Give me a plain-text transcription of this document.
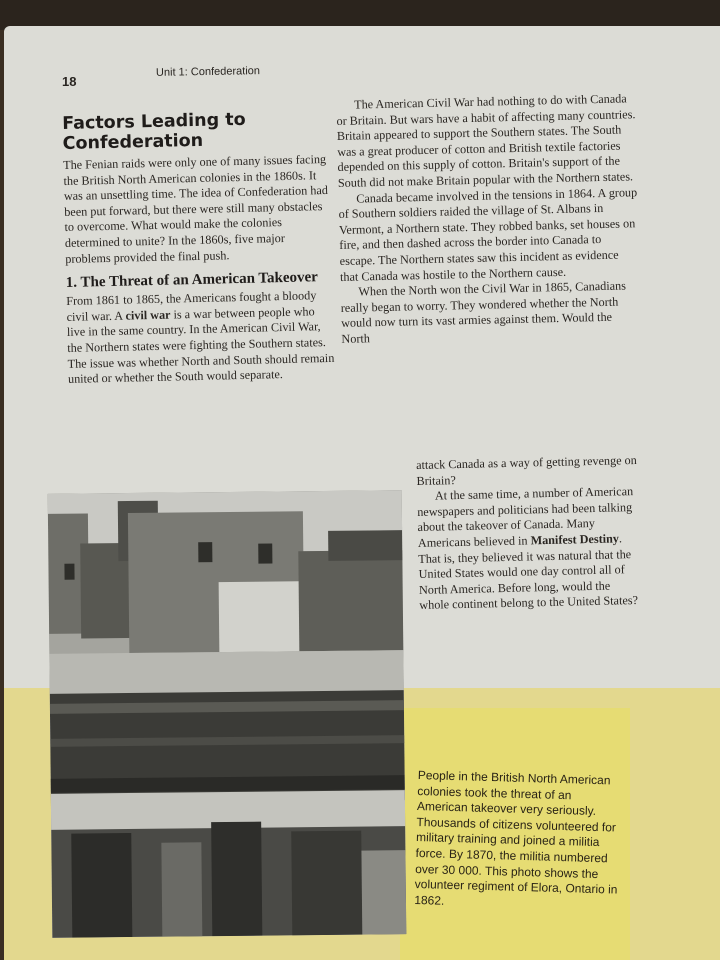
18
Unit 1: Confederation
Factors Leading to
Confederation

The Fenian raids were only one of many issues facing the British North American colonies in the 1860s. It was an unsettling time. The idea of Confederation had been put forward, but there were still many obstacles to overcome. What would make the colonies determined to unite? In the 1860s, five major problems provided the final push.

1. The Threat of an American Takeover

From 1861 to 1865, the Americans fought a bloody civil war. A civil war is a war between people who live in the same country. In the American Civil War, the Northern states were fighting the Southern states. The issue was whether North and South should remain united or whether the South would separate.

The American Civil War had nothing to do with Canada or Britain. But wars have a habit of affecting many countries. Britain appeared to support the Southern states. The South was a great producer of cotton and British textile factories depended on this supply of cotton. Britain's support of the South did not make Britain popular with the Northern states.

Canada became involved in the tensions in 1864. A group of Southern soldiers raided the village of St. Albans in Vermont, a Northern state. They robbed banks, set houses on fire, and then dashed across the border into Canada to escape. The Northern states saw this incident as evidence that Canada was hostile to the Northern cause.

When the North won the Civil War in 1865, Canadians really began to worry. They wondered whether the North would now turn its vast armies against them. Would the North

attack Canada as a way of getting revenge on Britain?

At the same time, a number of American newspapers and politicians had been talking about the takeover of Canada. Many Americans believed in Manifest Destiny. That is, they believed it was natural that the United States would one day control all of North America. Before long, would the whole continent belong to the United States?

People in the British North American colonies took the threat of an American takeover very seriously. Thousands of citizens volunteered for military training and joined a militia force. By 1870, the militia numbered over 30 000. This photo shows the volunteer regiment of Elora, Ontario in 1862.
